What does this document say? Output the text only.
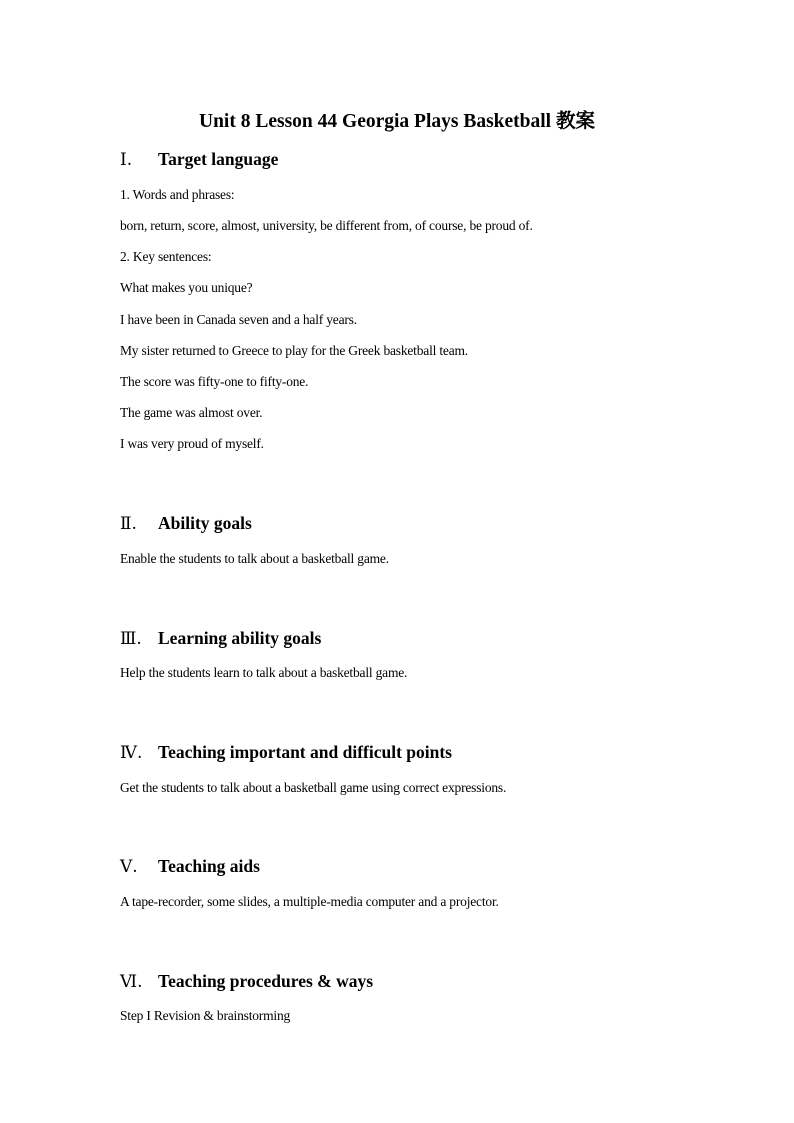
Unit 8 Lesson 44 Georgia Plays Basketball 教案
Ⅰ. Target language
1. Words and phrases:
born, return, score, almost, university, be different from, of course, be proud of.
2. Key sentences:
What makes you unique?
I have been in Canada seven and a half years.
My sister returned to Greece to play for the Greek basketball team.
The score was fifty-one to fifty-one.
The game was almost over.
I was very proud of myself.
Ⅱ. Ability goals
Enable the students to talk about a basketball game.
Ⅲ. Learning ability goals
Help the students learn to talk about a basketball game.
Ⅳ. Teaching important and difficult points
Get the students to talk about a basketball game using correct expressions.
Ⅴ. Teaching aids
A tape-recorder, some slides, a multiple-media computer and a projector.
Ⅵ. Teaching procedures & ways
Step I Revision & brainstorming
